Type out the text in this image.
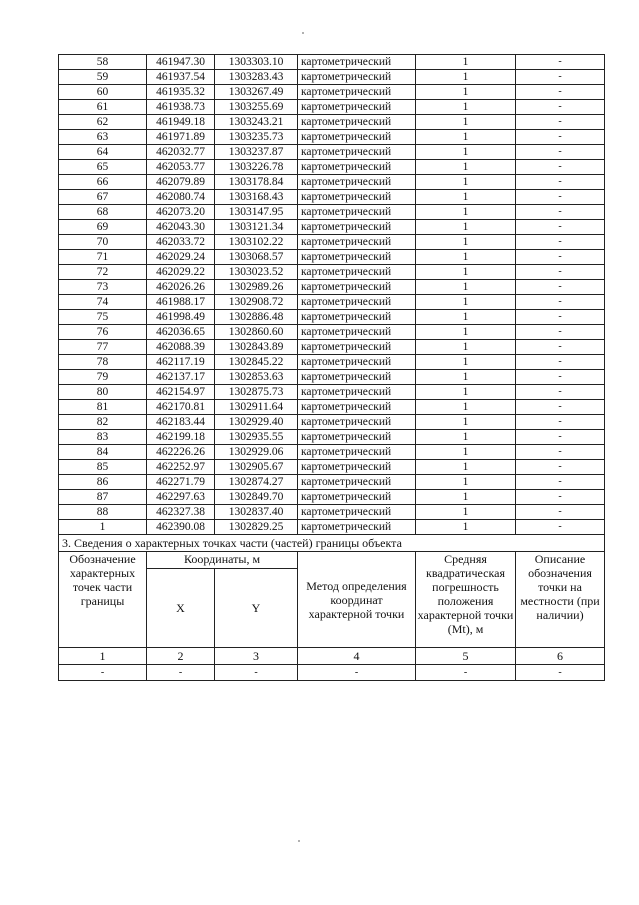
58	461947.30	1303303.10	картометрический	1	-
59	461937.54	1303283.43	картометрический	1	-
60	461935.32	1303267.49	картометрический	1	-
61	461938.73	1303255.69	картометрический	1	-
62	461949.18	1303243.21	картометрический	1	-
63	461971.89	1303235.73	картометрический	1	-
64	462032.77	1303237.87	картометрический	1	-
65	462053.77	1303226.78	картометрический	1	-
66	462079.89	1303178.84	картометрический	1	-
67	462080.74	1303168.43	картометрический	1	-
68	462073.20	1303147.95	картометрический	1	-
69	462043.30	1303121.34	картометрический	1	-
70	462033.72	1303102.22	картометрический	1	-
71	462029.24	1303068.57	картометрический	1	-
72	462029.22	1303023.52	картометрический	1	-
73	462026.26	1302989.26	картометрический	1	-
74	461988.17	1302908.72	картометрический	1	-
75	461998.49	1302886.48	картометрический	1	-
76	462036.65	1302860.60	картометрический	1	-
77	462088.39	1302843.89	картометрический	1	-
78	462117.19	1302845.22	картометрический	1	-
79	462137.17	1302853.63	картометрический	1	-
80	462154.97	1302875.73	картометрический	1	-
81	462170.81	1302911.64	картометрический	1	-
82	462183.44	1302929.40	картометрический	1	-
83	462199.18	1302935.55	картометрический	1	-
84	462226.26	1302929.06	картометрический	1	-
85	462252.97	1302905.67	картометрический	1	-
86	462271.79	1302874.27	картометрический	1	-
87	462297.63	1302849.70	картометрический	1	-
88	462327.38	1302837.40	картометрический	1	-
1	462390.08	1302829.25	картометрический	1	-
3. Сведения о характерных точках части (частей) границы объекта					
Обозначение характерных точек части границы	Координаты, м		Метод определения координат характерной точки	Средняя квадратическая погрешность положения характерной точки (Mt), м	Описание обозначения точки на местности (при наличии)
	X	Y			
1	2	3	4	5	6
-	-	-	-	-	-
